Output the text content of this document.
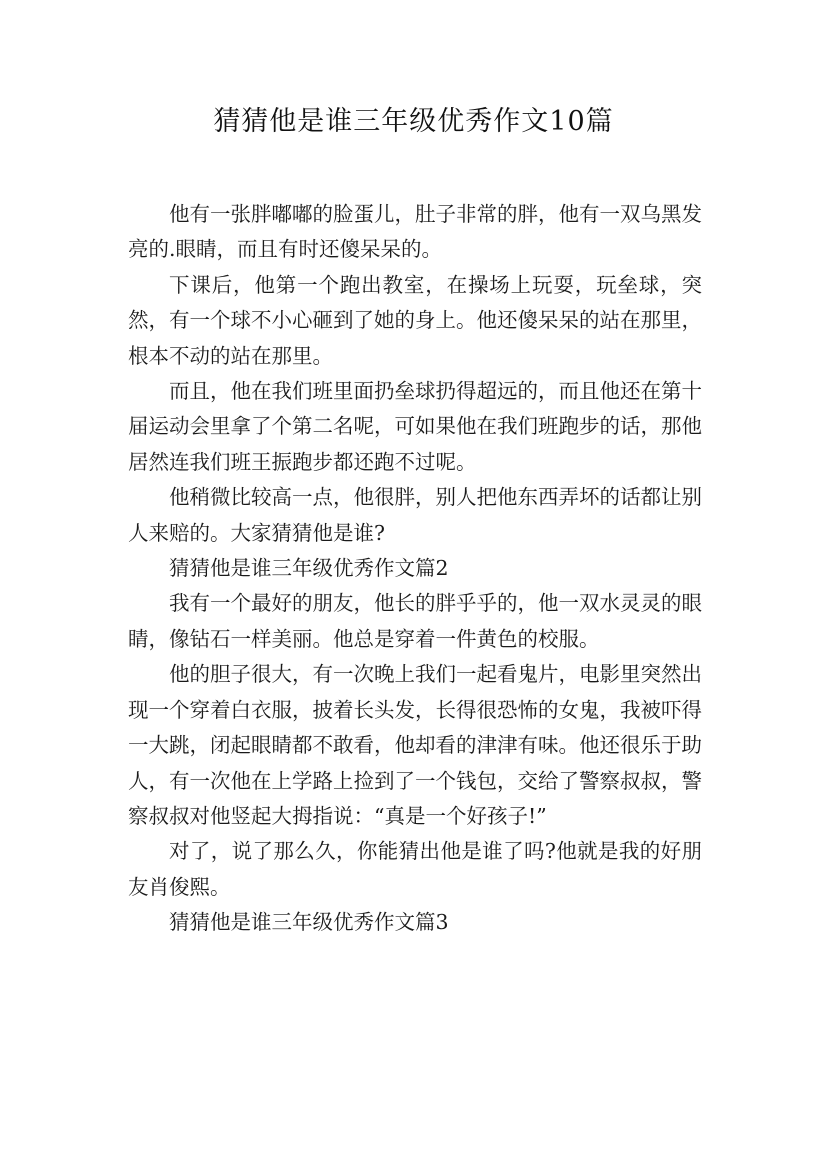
猜猜他是谁三年级优秀作文10篇

他有一张胖嘟嘟的脸蛋儿，肚子非常的胖，他有一双乌黑发亮的.眼睛，而且有时还傻呆呆的。

下课后，他第一个跑出教室，在操场上玩耍，玩垒球，突然，有一个球不小心砸到了她的身上。他还傻呆呆的站在那里，根本不动的站在那里。

而且，他在我们班里面扔垒球扔得超远的，而且他还在第十届运动会里拿了个第二名呢，可如果他在我们班跑步的话，那他居然连我们班王振跑步都还跑不过呢。

他稍微比较高一点，他很胖，别人把他东西弄坏的话都让别人来赔的。大家猜猜他是谁?

猜猜他是谁三年级优秀作文篇2

我有一个最好的朋友，他长的胖乎乎的，他一双水灵灵的眼睛，像钻石一样美丽。他总是穿着一件黄色的校服。

他的胆子很大，有一次晚上我们一起看鬼片，电影里突然出现一个穿着白衣服，披着长头发，长得很恐怖的女鬼，我被吓得一大跳，闭起眼睛都不敢看，他却看的津津有味。他还很乐于助人，有一次他在上学路上捡到了一个钱包，交给了警察叔叔，警察叔叔对他竖起大拇指说：“真是一个好孩子!”

对了，说了那么久，你能猜出他是谁了吗?他就是我的好朋友肖俊熙。

猜猜他是谁三年级优秀作文篇3
